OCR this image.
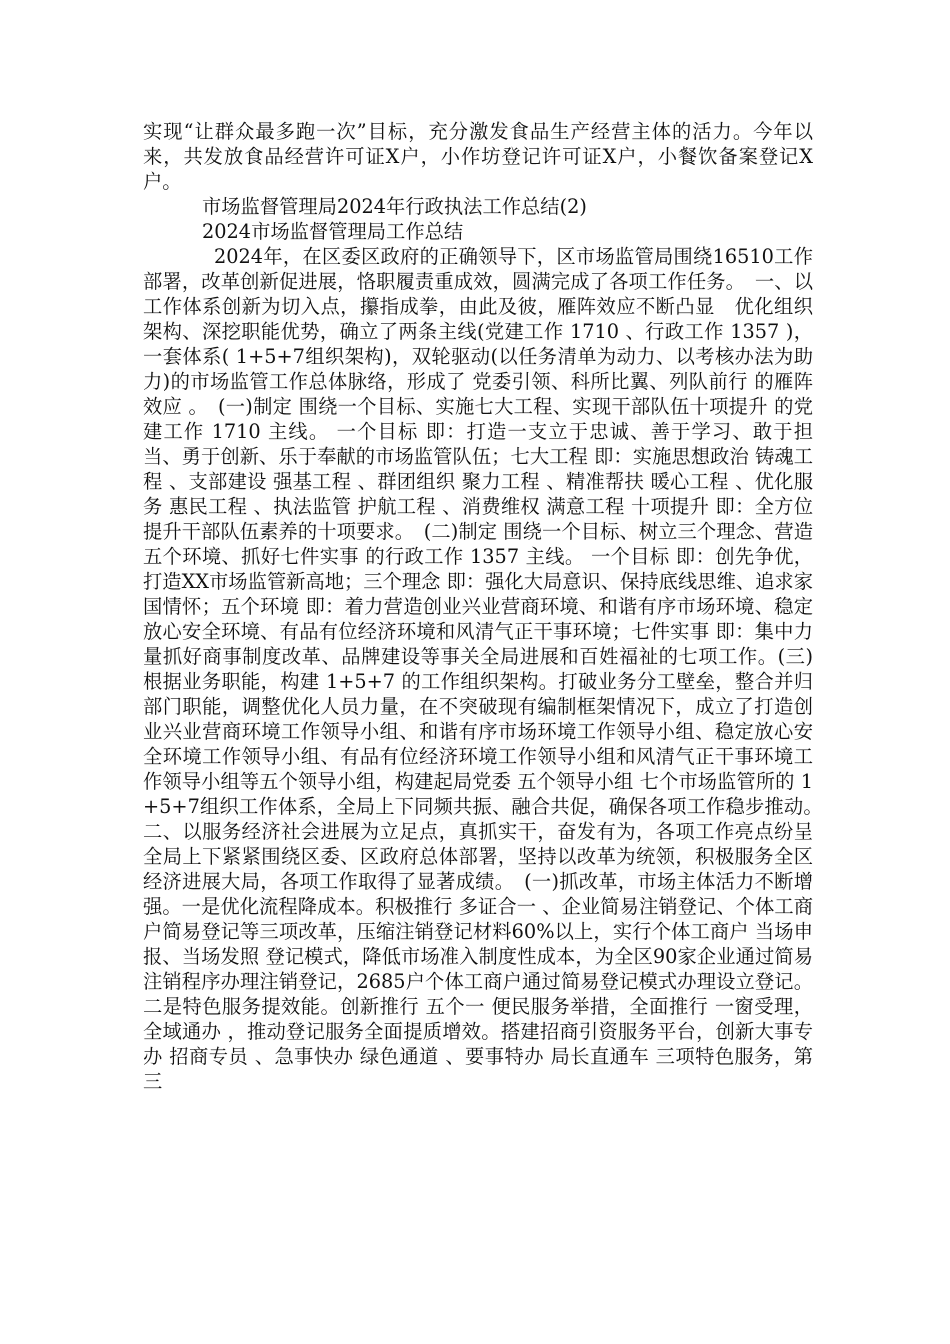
实现“让群众最多跑一次”目标，充分激发食品生产经营主体的活力。今年以来，共发放食品经营许可证X户，小作坊登记许可证X户，小餐饮备案登记X户。

市场监督管理局2024年行政执法工作总结(2)

2024市场监督管理局工作总结

2024年，在区委区政府的正确领导下，区市场监管局围绕16510工作部署，改革创新促进展，恪职履责重成效，圆满完成了各项工作任务。　一、以工作体系创新为切入点，攥指成拳，由此及彼，雁阵效应不断凸显　优化组织架构、深挖职能优势，确立了两条主线(党建工作 1710 、行政工作 1357 )，一套体系( 1+5+7组织架构)，双轮驱动(以任务清单为动力、以考核办法为助力)的市场监管工作总体脉络，形成了 党委引领、科所比翼、列队前行 的雁阵效应 。　(一)制定 围绕一个目标、实施七大工程、实现干部队伍十项提升 的党建工作 1710 主线。 一个目标 即：打造一支立于忠诚、善于学习、敢于担当、勇于创新、乐于奉献的市场监管队伍；七大工程 即：实施思想政治 铸魂工程 、支部建设 强基工程 、群团组织 聚力工程 、精准帮扶 暖心工程 、优化服务 惠民工程 、执法监管 护航工程 、消费维权 满意工程 十项提升 即：全方位提升干部队伍素养的十项要求。　(二)制定 围绕一个目标、树立三个理念、营造五个环境、抓好七件实事 的行政工作 1357 主线。 一个目标 即：创先争优，打造XX市场监管新高地；三个理念 即：强化大局意识、保持底线思维、追求家国情怀；五个环境 即：着力营造创业兴业营商环境、和谐有序市场环境、稳定放心安全环境、有品有位经济环境和风清气正干事环境；七件实事 即：集中力量抓好商事制度改革、品牌建设等事关全局进展和百姓福祉的七项工作。(三)根据业务职能，构建 1+5+7 的工作组织架构。打破业务分工壁垒，整合并归部门职能，调整优化人员力量，在不突破现有编制框架情况下，成立了打造创业兴业营商环境工作领导小组、和谐有序市场环境工作领导小组、稳定放心安全环境工作领导小组、有品有位经济环境工作领导小组和风清气正干事环境工作领导小组等五个领导小组，构建起局党委 五个领导小组 七个市场监管所的 1+5+7组织工作体系，全局上下同频共振、融合共促，确保各项工作稳步推动。　二、以服务经济社会进展为立足点，真抓实干，奋发有为，各项工作亮点纷呈　全局上下紧紧围绕区委、区政府总体部署，坚持以改革为统领，积极服务全区经济进展大局，各项工作取得了显著成绩。　(一)抓改革，市场主体活力不断增强。一是优化流程降成本。积极推行 多证合一 、企业简易注销登记、个体工商户简易登记等三项改革，压缩注销登记材料60%以上，实行个体工商户 当场申报、当场发照 登记模式，降低市场准入制度性成本，为全区90家企业通过简易注销程序办理注销登记，2685户个体工商户通过简易登记模式办理设立登记。二是特色服务提效能。创新推行 五个一 便民服务举措，全面推行 一窗受理，全域通办 ，推动登记服务全面提质增效。搭建招商引资服务平台，创新大事专办 招商专员 、急事快办 绿色通道 、要事特办 局长直通车 三项特色服务，第三
